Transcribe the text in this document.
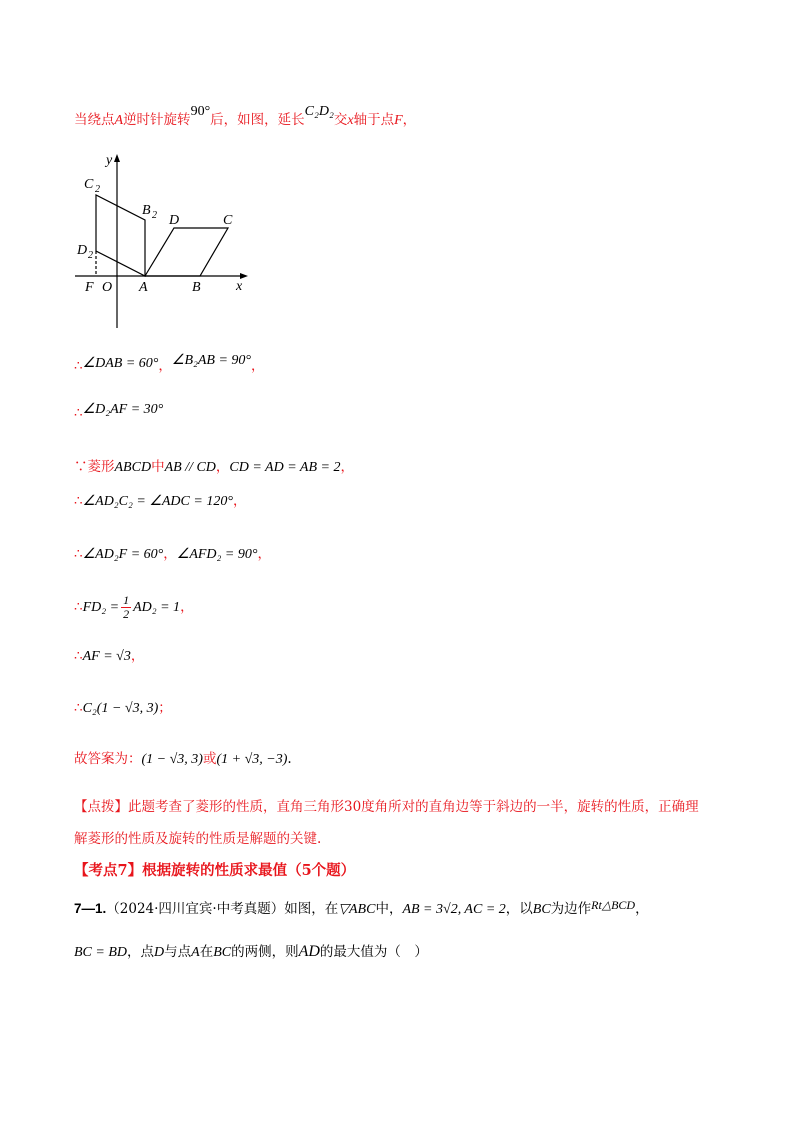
当绕点A逆时针旋转90°后，如图，延长C₂D₂交x轴于点F，
y
x
C 2
B 2
D 2
D	C
F O A	B
∴∠DAB = 60°，∠B₂AB = 90°，
∴∠D₂AF = 30°
∵菱形ABCD中AB // CD，CD = AD = AB = 2，
∴∠AD₂C₂ = ∠ADC = 120°，
∴∠AD₂F = 60°，∠AFD₂ = 90°，
∴FD₂ = $\frac{1}{2} AD_2 = 1$，
∴AF = √3，
∴C₂(1 − √3, 3)；
故答案为：(1 − √3, 3)或(1 + √3, −3).
【点拨】此题考查了菱形的性质，直角三角形30度角所对的直角边等于斜边的一半，旋转的性质，正确理
解菱形的性质及旋转的性质是解题的关键.
【考点7】根据旋转的性质求最值（5个题）
7—1.（2024·四川宜宾·中考真题）如图，在▽ABC中，AB = 3√2, AC = 2，以BC为边作Rt△BCD，
BC = BD，点D与点A在BC的两侧，则AD的最大值为（　）
